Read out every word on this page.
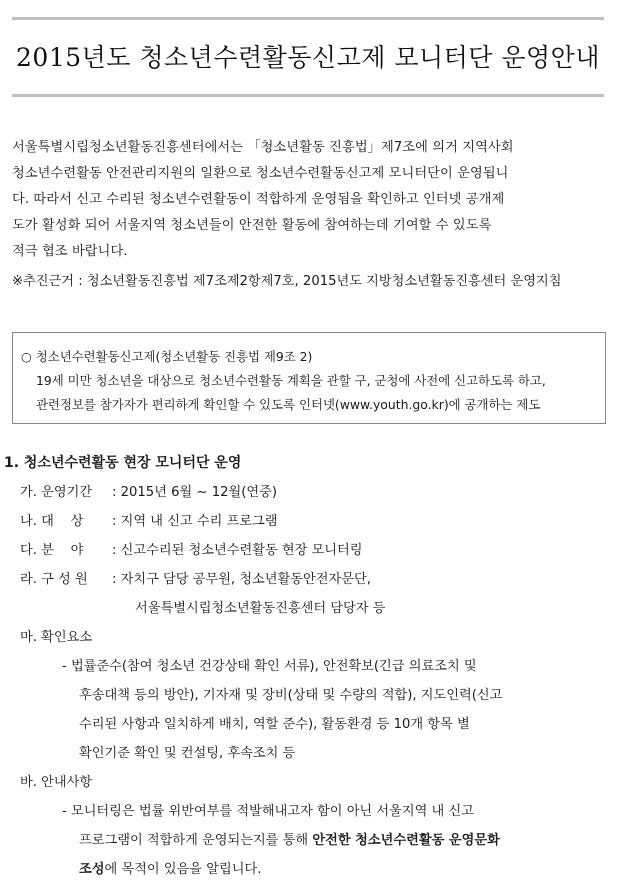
2015년도 청소년수련활동신고제 모니터단 운영안내
서울특별시립청소년활동진흥센터에서는 「청소년활동 진흥법」제7조에 의거 지역사회
청소년수련활동 안전관리지원의 일환으로 청소년수련활동신고제 모니터단이 운영됩니
다. 따라서 신고 수리된 청소년수련활동이 적합하게 운영됨을 확인하고 인터넷 공개제
도가 활성화 되어 서울지역 청소년들이 안전한 활동에 참여하는데 기여할 수 있도록
적극 협조 바랍니다.
※추진근거 : 청소년활동진흥법 제7조제2항제7호, 2015년도 지방청소년활동진흥센터 운영지침
○ 청소년수련활동신고제(청소년활동 진흥법 제9조 2)
19세 미만 청소년을 대상으로 청소년수련활동 계획을 관할 구, 군청에 사전에 신고하도록 하고,
관련정보를 참가자가 편리하게 확인할 수 있도록 인터넷(www.youth.go.kr)에 공개하는 제도
1. 청소년수련활동 현장 모니터단 운영
가. 운영기간 : 2015년 6월 ~ 12월(연중)
나. 대    상 : 지역 내 신고 수리 프로그램
다. 분    야 : 신고수리된 청소년수련활동 현장 모니터링
라. 구 성 원 : 자치구 담당 공무원, 청소년활동안전자문단,
서울특별시립청소년활동진흥센터 담당자 등
마. 확인요소
- 법률준수(참여 청소년 건강상태 확인 서류), 안전확보(긴급 의료조치 및
후송대책 등의 방안), 기자재 및 장비(상태 및 수량의 적합), 지도인력(신고
수리된 사항과 일치하게 배치, 역할 준수), 활동환경 등 10개 항목 별
확인기준 확인 및 컨설팅, 후속조치 등
바. 안내사항
- 모니터링은 법률 위반여부를 적발해내고자 함이 아닌 서울지역 내 신고
프로그램이 적합하게 운영되는지를 통해 안전한 청소년수련활동 운영문화
조성에 목적이 있음을 알립니다.
